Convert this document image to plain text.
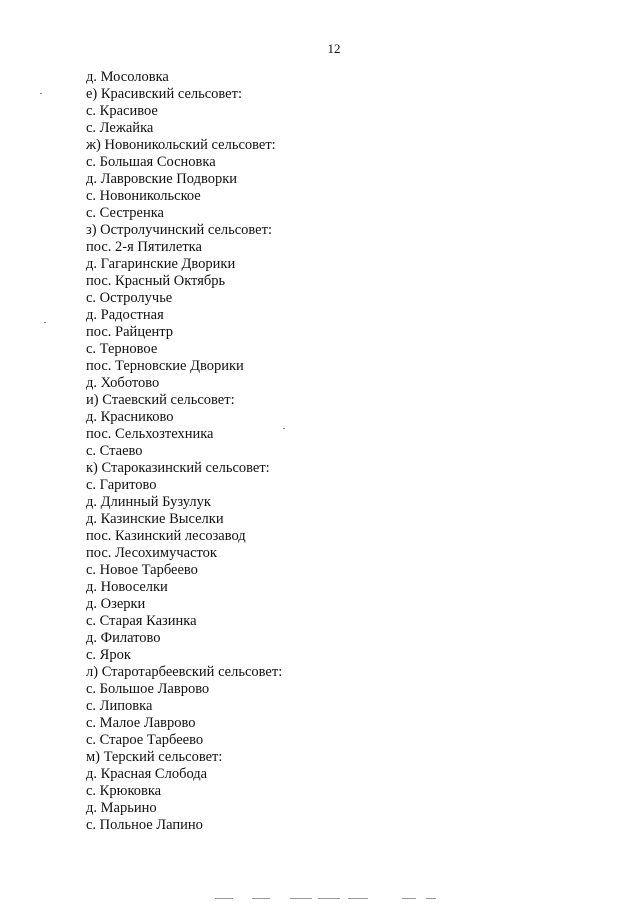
12
д. Мосоловка
е) Красивский сельсовет:
с. Красивое
с. Лежайка
ж) Новоникольский сельсовет:
с. Большая Сосновка
д. Лавровские Подворки
с. Новоникольское
с. Сестренка
з) Остролучинский сельсовет:
пос. 2-я Пятилетка
д. Гагаринские Дворики
пос. Красный Октябрь
с. Остролучье
д. Радостная
пос. Райцентр
с. Терновое
пос. Терновские Дворики
д. Хоботово
и) Стаевский сельсовет:
д. Красниково
пос. Сельхозтехника
с. Стаево
к) Староказинский сельсовет:
с. Гаритово
д. Длинный Бузулук
д. Казинские Выселки
пос. Казинский лесозавод
пос. Лесохимучасток
с. Новое Тарбеево
д. Новоселки
д. Озерки
с. Старая Казинка
д. Филатово
с. Ярок
л) Старотарбеевский сельсовет:
с. Большое Лаврово
с. Липовка
с. Малое Лаврово
с. Старое Тарбеево
м) Терский сельсовет:
д. Красная Слобода
с. Крюковка
д. Марьино
с. Польное Лапино
